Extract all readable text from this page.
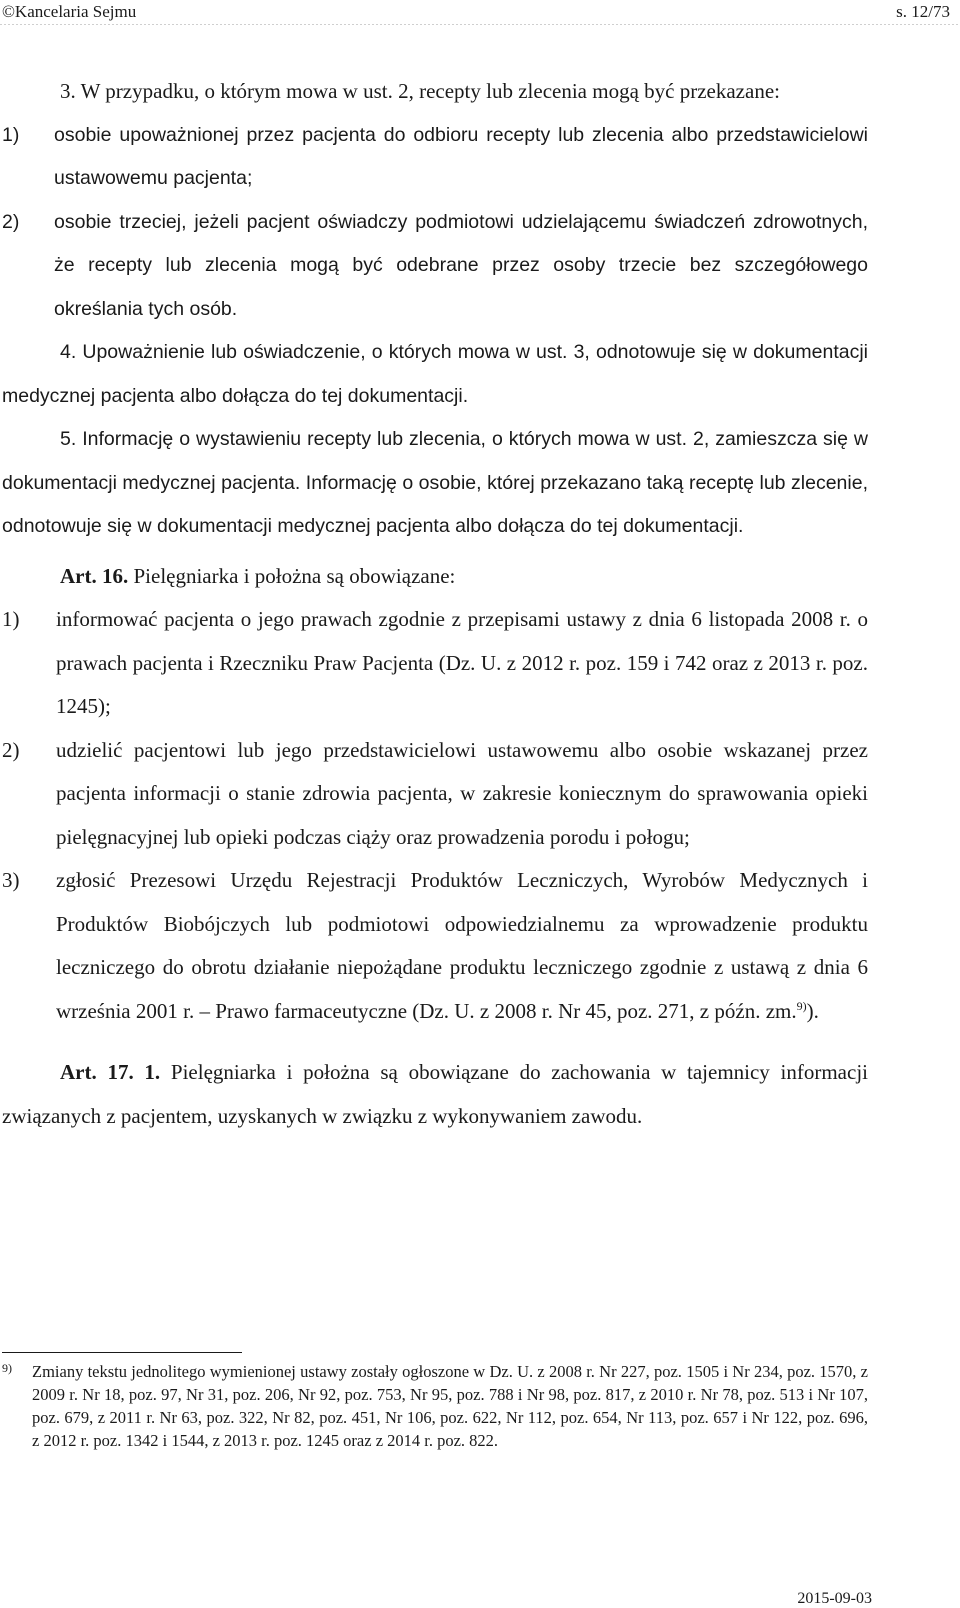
©Kancelaria Sejmu	s. 12/73

3. W przypadku, o którym mowa w ust. 2, recepty lub zlecenia mogą być przekazane:

1)	osobie upoważnionej przez pacjenta do odbioru recepty lub zlecenia albo przedstawicielowi ustawowemu pacjenta;
2)	osobie trzeciej, jeżeli pacjent oświadczy podmiotowi udzielającemu świadczeń zdrowotnych, że recepty lub zlecenia mogą być odebrane przez osoby trzecie bez szczegółowego określania tych osób.

4. Upoważnienie lub oświadczenie, o których mowa w ust. 3, odnotowuje się w dokumentacji medycznej pacjenta albo dołącza do tej dokumentacji.

5. Informację o wystawieniu recepty lub zlecenia, o których mowa w ust. 2, zamieszcza się w dokumentacji medycznej pacjenta. Informację o osobie, której przekazano taką receptę lub zlecenie, odnotowuje się w dokumentacji medycznej pacjenta albo dołącza do tej dokumentacji.

Art. 16. Pielęgniarka i położna są obowiązane:

1)	informować pacjenta o jego prawach zgodnie z przepisami ustawy z dnia 6 listopada 2008 r. o prawach pacjenta i Rzeczniku Praw Pacjenta (Dz. U. z 2012 r. poz. 159 i 742 oraz z 2013 r. poz. 1245);
2)	udzielić pacjentowi lub jego przedstawicielowi ustawowemu albo osobie wskazanej przez pacjenta informacji o stanie zdrowia pacjenta, w zakresie koniecznym do sprawowania opieki pielęgnacyjnej lub opieki podczas ciąży oraz prowadzenia porodu i połogu;
3)	zgłosić Prezesowi Urzędu Rejestracji Produktów Leczniczych, Wyrobów Medycznych i Produktów Biobójczych lub podmiotowi odpowiedzialnemu za wprowadzenie produktu leczniczego do obrotu działanie niepożądane produktu leczniczego zgodnie z ustawą z dnia 6 września 2001 r. – Prawo farmaceutyczne (Dz. U. z 2008 r. Nr 45, poz. 271, z późn. zm.$^{9)}$).

Art. 17. 1. Pielęgniarka i położna są obowiązane do zachowania w tajemnicy informacji związanych z pacjentem, uzyskanych w związku z wykonywaniem zawodu.

9)	Zmiany tekstu jednolitego wymienionej ustawy zostały ogłoszone w Dz. U. z 2008 r. Nr 227, poz. 1505 i Nr 234, poz. 1570, z 2009 r. Nr 18, poz. 97, Nr 31, poz. 206, Nr 92, poz. 753, Nr 95, poz. 788 i Nr 98, poz. 817, z 2010 r. Nr 78, poz. 513 i Nr 107, poz. 679, z 2011 r. Nr 63, poz. 322, Nr 82, poz. 451, Nr 106, poz. 622, Nr 112, poz. 654, Nr 113, poz. 657 i Nr 122, poz. 696, z 2012 r. poz. 1342 i 1544, z 2013 r. poz. 1245 oraz z 2014 r. poz. 822.
2015-09-03
